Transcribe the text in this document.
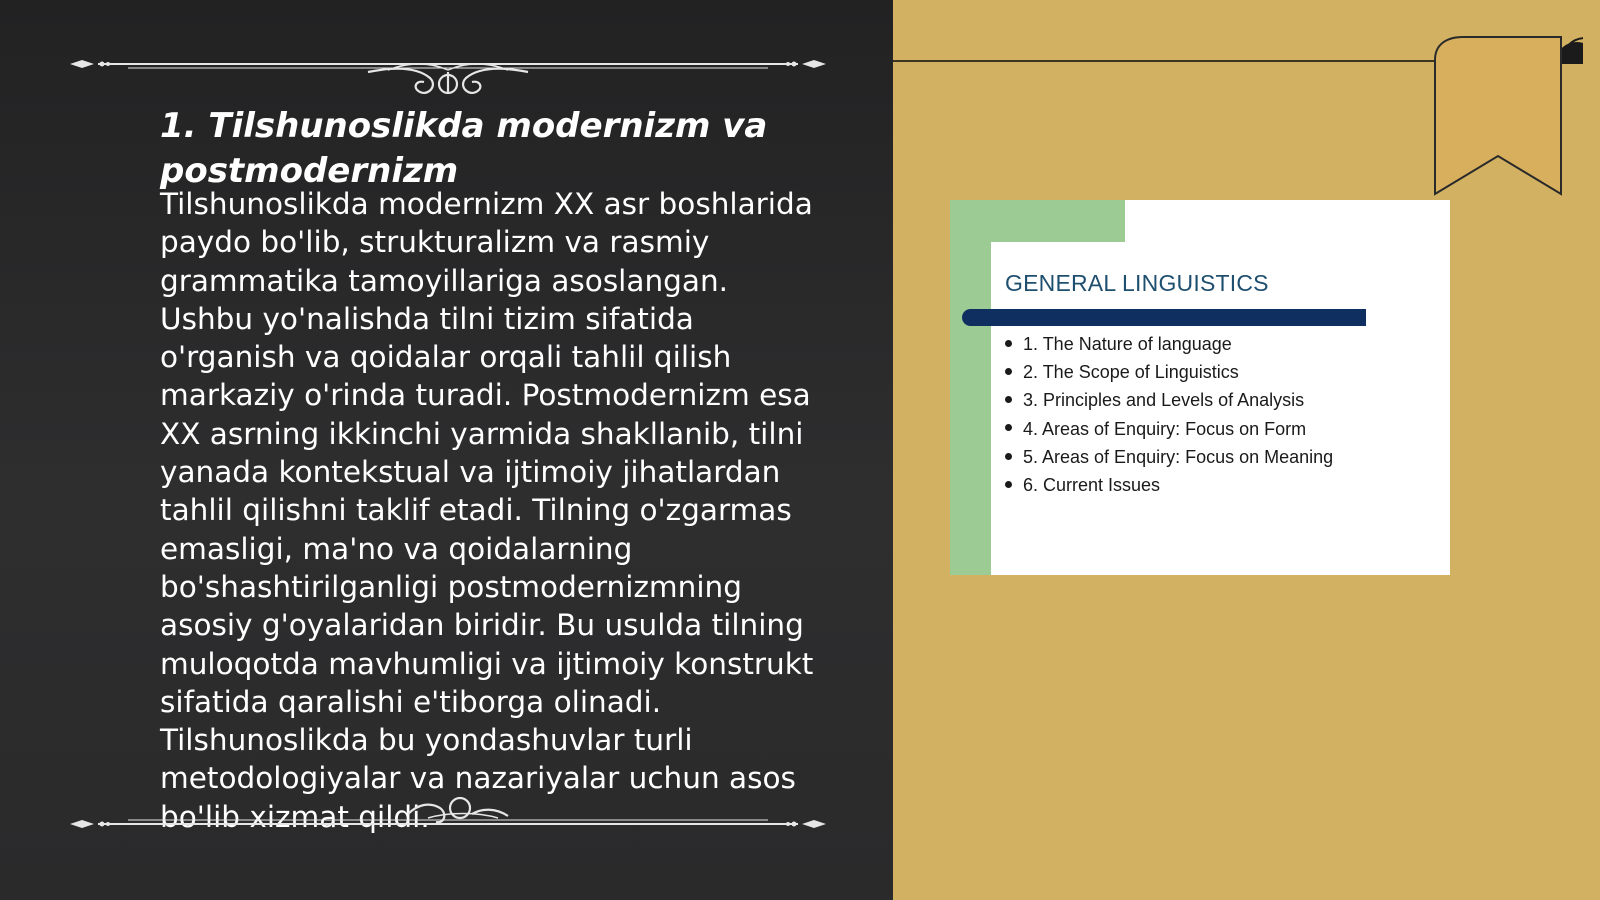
1. Tilshunoslikda modernizm va postmodernizm

Tilshunoslikda modernizm XX asr boshlarida paydo bo'lib, strukturalizm va rasmiy grammatika tamoyillariga asoslangan. Ushbu yo'nalishda tilni tizim sifatida o'rganish va qoidalar orqali tahlil qilish markaziy o'rinda turadi. Postmodernizm esa XX asrning ikkinchi yarmida shakllanib, tilni yanada kontekstual va ijtimoiy jihatlardan tahlil qilishni taklif etadi. Tilning o'zgarmas emasligi, ma'no va qoidalarning bo'shashtirilganligi postmodernizmning asosiy g'oyalaridan biridir. Bu usulda tilning muloqotda mavhumligi va ijtimoiy konstrukt sifatida qaralishi e'tiborga olinadi. Tilshunoslikda bu yondashuvlar turli metodologiyalar va nazariyalar uchun asos bo'lib xizmat qildi.

GENERAL LINGUISTICS
1. The Nature of language
2. The Scope of Linguistics
3. Principles and Levels of Analysis
4. Areas of Enquiry: Focus on Form
5. Areas of Enquiry: Focus on Meaning
6. Current Issues
